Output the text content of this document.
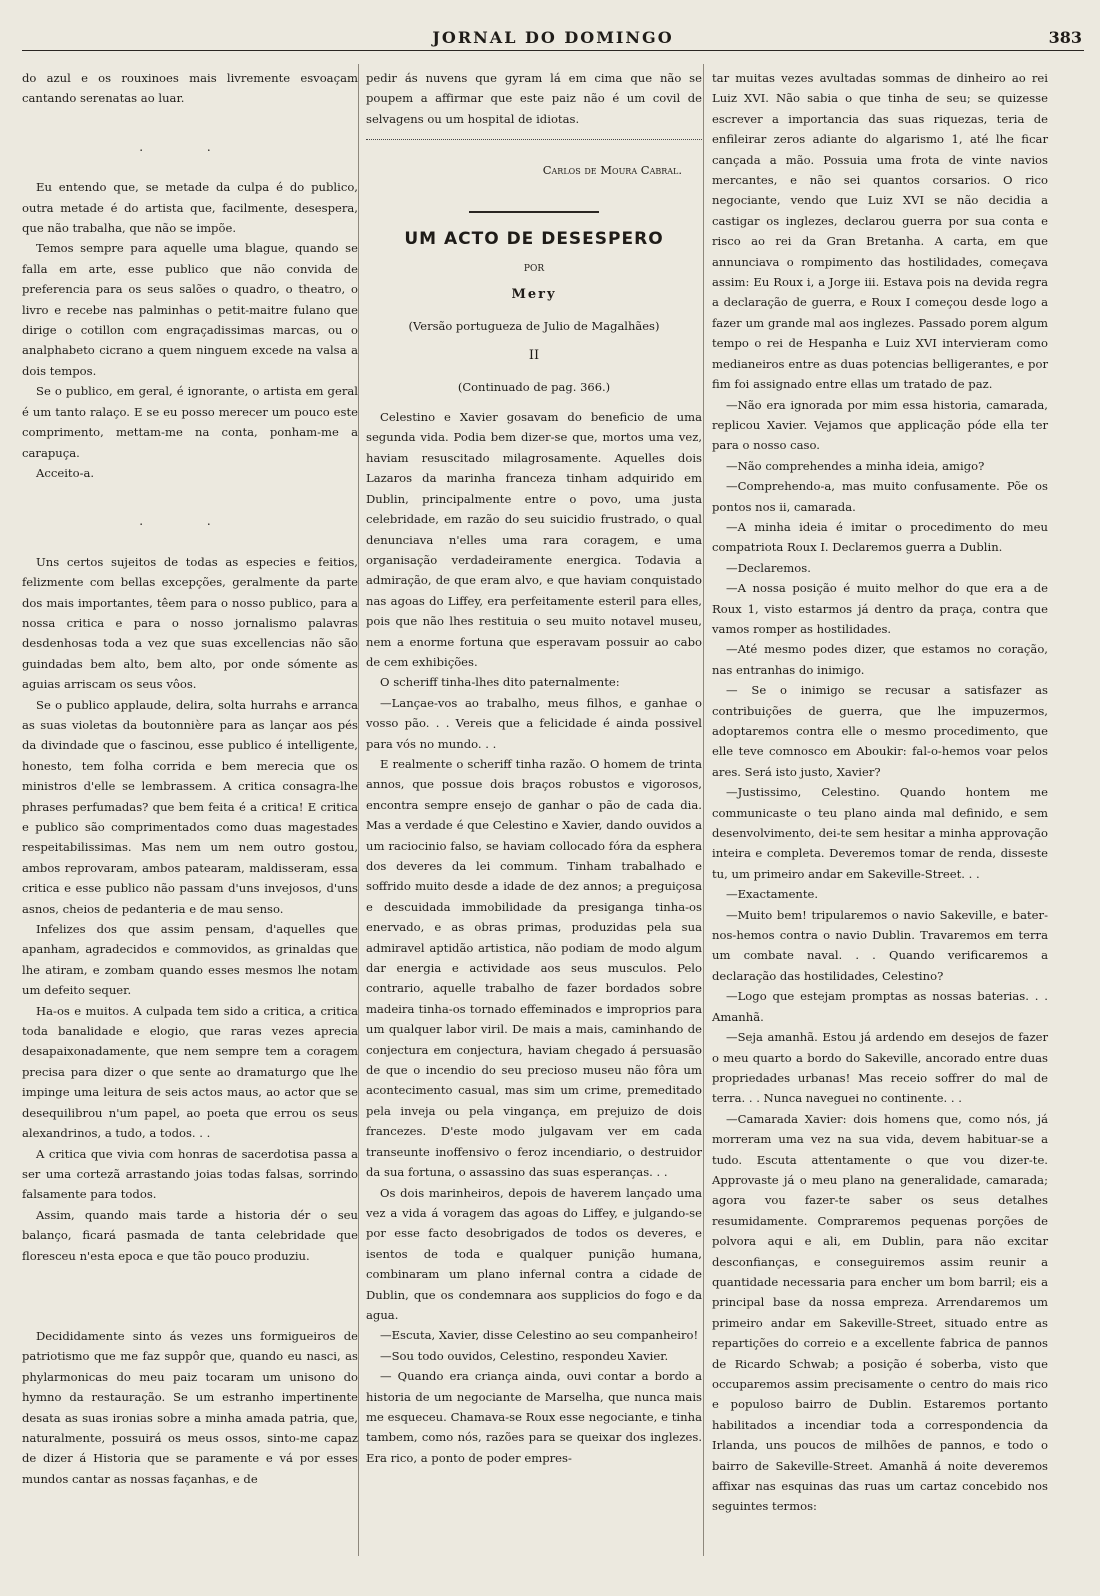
JORNAL DO DOMINGO	383

do azul e os rouxinoes mais livremente esvoaçam cantando serenatas ao luar.

. .

Eu entendo que, se metade da culpa é do publico, outra metade é do artista que, facilmente, desespera, que não trabalha, que não se impõe.

Temos sempre para aquelle uma blague, quando se falla em arte, esse publico que não convida de preferencia para os seus salões o quadro, o theatro, o livro e recebe nas palminhas o petit-maitre fulano que dirige o cotillon com engraçadissimas marcas, ou o analphabeto cicrano a quem ninguem excede na valsa a dois tempos.

Se o publico, em geral, é ignorante, o artista em geral é um tanto ralaço. E se eu posso merecer um pouco este comprimento, mettam-me na conta, ponham-me a carapuça.

Acceito-a.

. .

Uns certos sujeitos de todas as especies e feitios, felizmente com bellas excepções, geralmente da parte dos mais importantes, têem para o nosso publico, para a nossa critica e para o nosso jornalismo palavras desdenhosas toda a vez que suas excellencias não são guindadas bem alto, bem alto, por onde sómente as aguias arriscam os seus vôos.

Se o publico applaude, delira, solta hurrahs e arranca as suas violetas da boutonnière para as lançar aos pés da divindade que o fascinou, esse publico é intelligente, honesto, tem folha corrida e bem merecia que os ministros d'elle se lembrassem. A critica consagra-lhe phrases perfumadas? que bem feita é a critica! E critica e publico são comprimentados como duas magestades respeitabilissimas. Mas nem um nem outro gostou, ambos reprovaram, ambos patearam, maldisseram, essa critica e esse publico não passam d'uns invejosos, d'uns asnos, cheios de pedanteria e de mau senso.

Infelizes dos que assim pensam, d'aquelles que apanham, agradecidos e commovidos, as grinaldas que lhe atiram, e zombam quando esses mesmos lhe notam um defeito sequer.

Ha-os e muitos. A culpada tem sido a critica, a critica toda banalidade e elogio, que raras vezes aprecia desapaixonadamente, que nem sempre tem a coragem precisa para dizer o que sente ao dramaturgo que lhe impinge uma leitura de seis actos maus, ao actor que se desequilibrou n'um papel, ao poeta que errou os seus alexandrinos, a tudo, a todos. . .

A critica que vivia com honras de sacerdotisa passa a ser uma cortezã arrastando joias todas falsas, sorrindo falsamente para todos.

Assim, quando mais tarde a historia dér o seu balanço, ficará pasmada de tanta celebridade que floresceu n'esta epoca e que tão pouco produziu.

Decididamente sinto ás vezes uns formigueiros de patriotismo que me faz suppôr que, quando eu nasci, as phylarmonicas do meu paiz tocaram um unisono do hymno da restauração. Se um estranho impertinente desata as suas ironias sobre a minha amada patria, que, naturalmente, possuirá os meus ossos, sinto-me capaz de dizer á Historia que se paramente e vá por esses mundos cantar as nossas façanhas, e de

pedir ás nuvens que gyram lá em cima que não se poupem a affirmar que este paiz não é um covil de selvagens ou um hospital de idiotas.

Carlos de Moura Cabral.
UM ACTO DE DESESPERO
POR
Mery
(Versão portugueza de Julio de Magalhães)
II
(Continuado de pag. 366.)

Celestino e Xavier gosavam do beneficio de uma segunda vida. Podia bem dizer-se que, mortos uma vez, haviam resuscitado milagrosamente. Aquelles dois Lazaros da marinha franceza tinham adquirido em Dublin, principalmente entre o povo, uma justa celebridade, em razão do seu suicidio frustrado, o qual denunciava n'elles uma rara coragem, e uma organisação verdadeiramente energica. Todavia a admiração, de que eram alvo, e que haviam conquistado nas agoas do Liffey, era perfeitamente esteril para elles, pois que não lhes restituia o seu muito notavel museu, nem a enorme fortuna que esperavam possuir ao cabo de cem exhibições.

O scheriff tinha-lhes dito paternalmente:

—Lançae-vos ao trabalho, meus filhos, e ganhae o vosso pão. . . Vereis que a felicidade é ainda possivel para vós no mundo. . .

E realmente o scheriff tinha razão. O homem de trinta annos, que possue dois braços robustos e vigorosos, encontra sempre ensejo de ganhar o pão de cada dia. Mas a verdade é que Celestino e Xavier, dando ouvidos a um raciocinio falso, se haviam collocado fóra da esphera dos deveres da lei commum. Tinham trabalhado e soffrido muito desde a idade de dez annos; a preguiçosa e descuidada immobilidade da presiganga tinha-os enervado, e as obras primas, produzidas pela sua admiravel aptidão artistica, não podiam de modo algum dar energia e actividade aos seus musculos. Pelo contrario, aquelle trabalho de fazer bordados sobre madeira tinha-os tornado effeminados e improprios para um qualquer labor viril. De mais a mais, caminhando de conjectura em conjectura, haviam chegado á persuasão de que o incendio do seu precioso museu não fôra um acontecimento casual, mas sim um crime, premeditado pela inveja ou pela vingança, em prejuizo de dois francezes. D'este modo julgavam ver em cada transeunte inoffensivo o feroz incendiario, o destruidor da sua fortuna, o assassino das suas esperanças. . .

Os dois marinheiros, depois de haverem lançado uma vez a vida á voragem das agoas do Liffey, e julgando-se por esse facto desobrigados de todos os deveres, e isentos de toda e qualquer punição humana, combinaram um plano infernal contra a cidade de Dublin, que os condemnara aos supplicios do fogo e da agua.

—Escuta, Xavier, disse Celestino ao seu companheiro!

—Sou todo ouvidos, Celestino, respondeu Xavier.

— Quando era criança ainda, ouvi contar a bordo a historia de um negociante de Marselha, que nunca mais me esqueceu. Chamava-se Roux esse negociante, e tinha tambem, como nós, razões para se queixar dos inglezes. Era rico, a ponto de poder empres-

tar muitas vezes avultadas sommas de dinheiro ao rei Luiz XVI. Não sabia o que tinha de seu; se quizesse escrever a importancia das suas riquezas, teria de enfileirar zeros adiante do algarismo 1, até lhe ficar cançada a mão. Possuia uma frota de vinte navios mercantes, e não sei quantos corsarios. O rico negociante, vendo que Luiz XVI se não decidia a castigar os inglezes, declarou guerra por sua conta e risco ao rei da Gran Bretanha. A carta, em que annunciava o rompimento das hostilidades, começava assim: Eu Roux i, a Jorge iii. Estava pois na devida regra a declaração de guerra, e Roux I começou desde logo a fazer um grande mal aos inglezes. Passado porem algum tempo o rei de Hespanha e Luiz XVI intervieram como medianeiros entre as duas potencias belligerantes, e por fim foi assignado entre ellas um tratado de paz.

—Não era ignorada por mim essa historia, camarada, replicou Xavier. Vejamos que applicação póde ella ter para o nosso caso.

—Não comprehendes a minha ideia, amigo?

—Comprehendo-a, mas muito confusamente. Põe os pontos nos ii, camarada.

—A minha ideia é imitar o procedimento do meu compatriota Roux I. Declaremos guerra a Dublin.

—Declaremos.

—A nossa posição é muito melhor do que era a de Roux 1, visto estarmos já dentro da praça, contra que vamos romper as hostilidades.

—Até mesmo podes dizer, que estamos no coração, nas entranhas do inimigo.

— Se o inimigo se recusar a satisfazer as contribuições de guerra, que lhe impuzermos, adoptaremos contra elle o mesmo procedimento, que elle teve comnosco em Aboukir: fal-o-hemos voar pelos ares. Será isto justo, Xavier?

—Justissimo, Celestino. Quando hontem me communicaste o teu plano ainda mal definido, e sem desenvolvimento, dei-te sem hesitar a minha approvação inteira e completa. Deveremos tomar de renda, disseste tu, um primeiro andar em Sakeville-Street. . .

—Exactamente.

—Muito bem! tripularemos o navio Sakeville, e bater-nos-hemos contra o navio Dublin. Travaremos em terra um combate naval. . . Quando verificaremos a declaração das hostilidades, Celestino?

—Logo que estejam promptas as nossas baterias. . . Amanhã.

—Seja amanhã. Estou já ardendo em desejos de fazer o meu quarto a bordo do Sakeville, ancorado entre duas propriedades urbanas! Mas receio soffrer do mal de terra. . . Nunca naveguei no continente. . .

—Camarada Xavier: dois homens que, como nós, já morreram uma vez na sua vida, devem habituar-se a tudo. Escuta attentamente o que vou dizer-te. Approvaste já o meu plano na generalidade, camarada; agora vou fazer-te saber os seus detalhes resumidamente. Compraremos pequenas porções de polvora aqui e ali, em Dublin, para não excitar desconfianças, e conseguiremos assim reunir a quantidade necessaria para encher um bom barril; eis a principal base da nossa empreza. Arrendaremos um primeiro andar em Sakeville-Street, situado entre as repartições do correio e a excellente fabrica de pannos de Ricardo Schwab; a posição é soberba, visto que occuparemos assim precisamente o centro do mais rico e populoso bairro de Dublin. Estaremos portanto habilitados a incendiar toda a correspondencia da Irlanda, uns poucos de milhões de pannos, e todo o bairro de Sakeville-Street. Amanhã á noite deveremos affixar nas esquinas das ruas um cartaz concebido nos seguintes termos:
